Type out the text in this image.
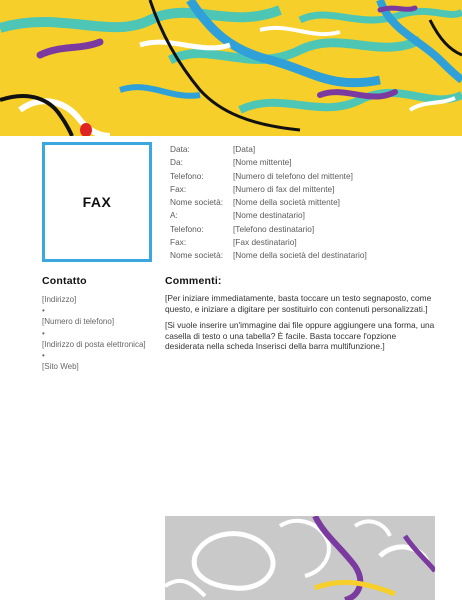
FAX
Data:	[Data]
Da:	[Nome mittente]
Telefono:	[Numero di telefono del mittente]
Fax:	[Numero di fax del mittente]
Nome società:	[Nome della società mittente]
A:	[Nome destinatario]
Telefono:	[Telefono destinatario]
Fax:	[Fax destinatario]
Nome società:	[Nome della società del destinatario]
Contatto
[Indirizzo]
•
[Numero di telefono]
•
[Indirizzo di posta elettronica]
•
[Sito Web]
Commenti:

[Per iniziare immediatamente, basta toccare un testo segnaposto, come questo, e iniziare a digitare per sostituirlo con contenuti personalizzati.]

[Si vuole inserire un'immagine dai file oppure aggiungere una forma, una casella di testo o una tabella? È facile. Basta toccare l'opzione desiderata nella scheda Inserisci della barra multifunzione.]
